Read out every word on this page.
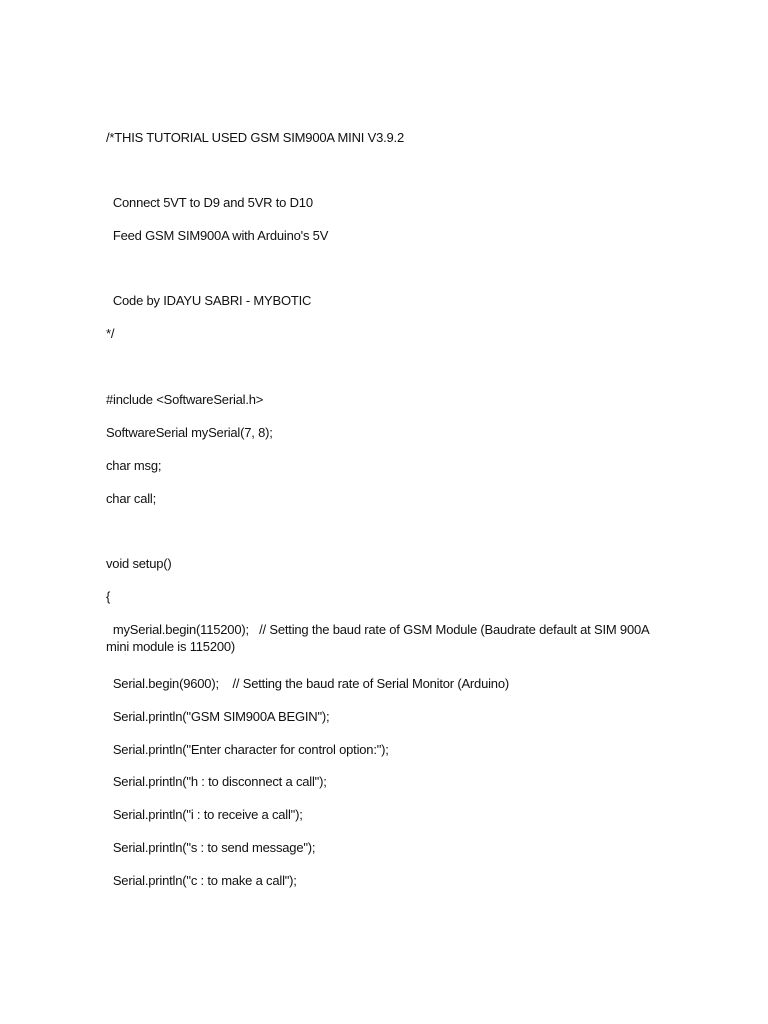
/*THIS TUTORIAL USED GSM SIM900A MINI V3.9.2
Connect 5VT to D9 and 5VR to D10
Feed GSM SIM900A with Arduino's 5V
Code by IDAYU SABRI - MYBOTIC
*/
#include <SoftwareSerial.h>
SoftwareSerial mySerial(7, 8);
char msg;
char call;
void setup()
{
mySerial.begin(115200);   // Setting the baud rate of GSM Module (Baudrate default at SIM 900A mini module is 115200)
Serial.begin(9600);    // Setting the baud rate of Serial Monitor (Arduino)
Serial.println("GSM SIM900A BEGIN");
Serial.println("Enter character for control option:");
Serial.println("h : to disconnect a call");
Serial.println("i : to receive a call");
Serial.println("s : to send message");
Serial.println("c : to make a call");
